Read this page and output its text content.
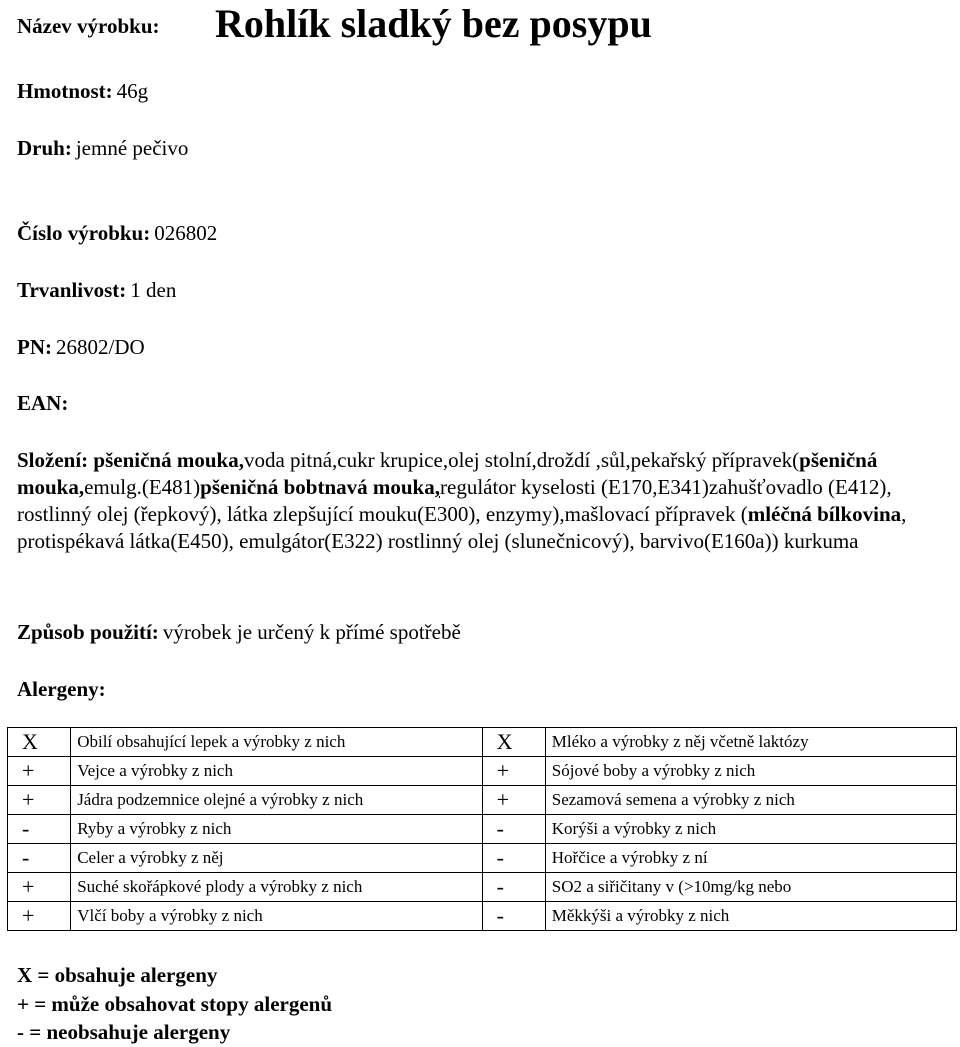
Název výrobku: Rohlík sladký bez posypu
Hmotnost: 46g
Druh: jemné pečivo
Číslo výrobku: 026802
Trvanlivost: 1 den
PN: 26802/DO
EAN:
Složení: pšeničná mouka,voda pitná,cukr krupice,olej stolní,droždí ,sůl,pekařský přípravek(pšeničná mouka,emulg.(E481)pšeničná bobtnavá mouka,regulátor kyselosti (E170,E341)zahušťovadlo (E412), rostlinný olej (řepkový), látka zlepšující mouku(E300), enzymy),mašlovací přípravek (mléčná bílkovina, protispékavá látka(E450), emulgátor(E322) rostlinný olej (slunečnicový), barvivo(E160a)) kurkuma
Způsob použití: výrobek je určený k přímé spotřebě
Alergeny:
X	Obilí obsahující lepek a výrobky z nich	X	Mléko a výrobky z něj včetně laktózy
+	Vejce a výrobky z nich	+	Sójové boby a výrobky z nich
+	Jádra podzemnice olejné a výrobky z nich	+	Sezamová semena a výrobky z nich
-	Ryby a výrobky z nich	-	Korýši a výrobky z nich
-	Celer a výrobky z něj	-	Hořčice a výrobky z ní
+	Suché skořápkové plody a výrobky z nich	-	SO2 a siřičitany v (>10mg/kg nebo
+	Vlčí boby a výrobky z nich	-	Měkkýši a výrobky z nich
X = obsahuje alergeny
+ = může obsahovat stopy alergenů
- = neobsahuje alergeny
